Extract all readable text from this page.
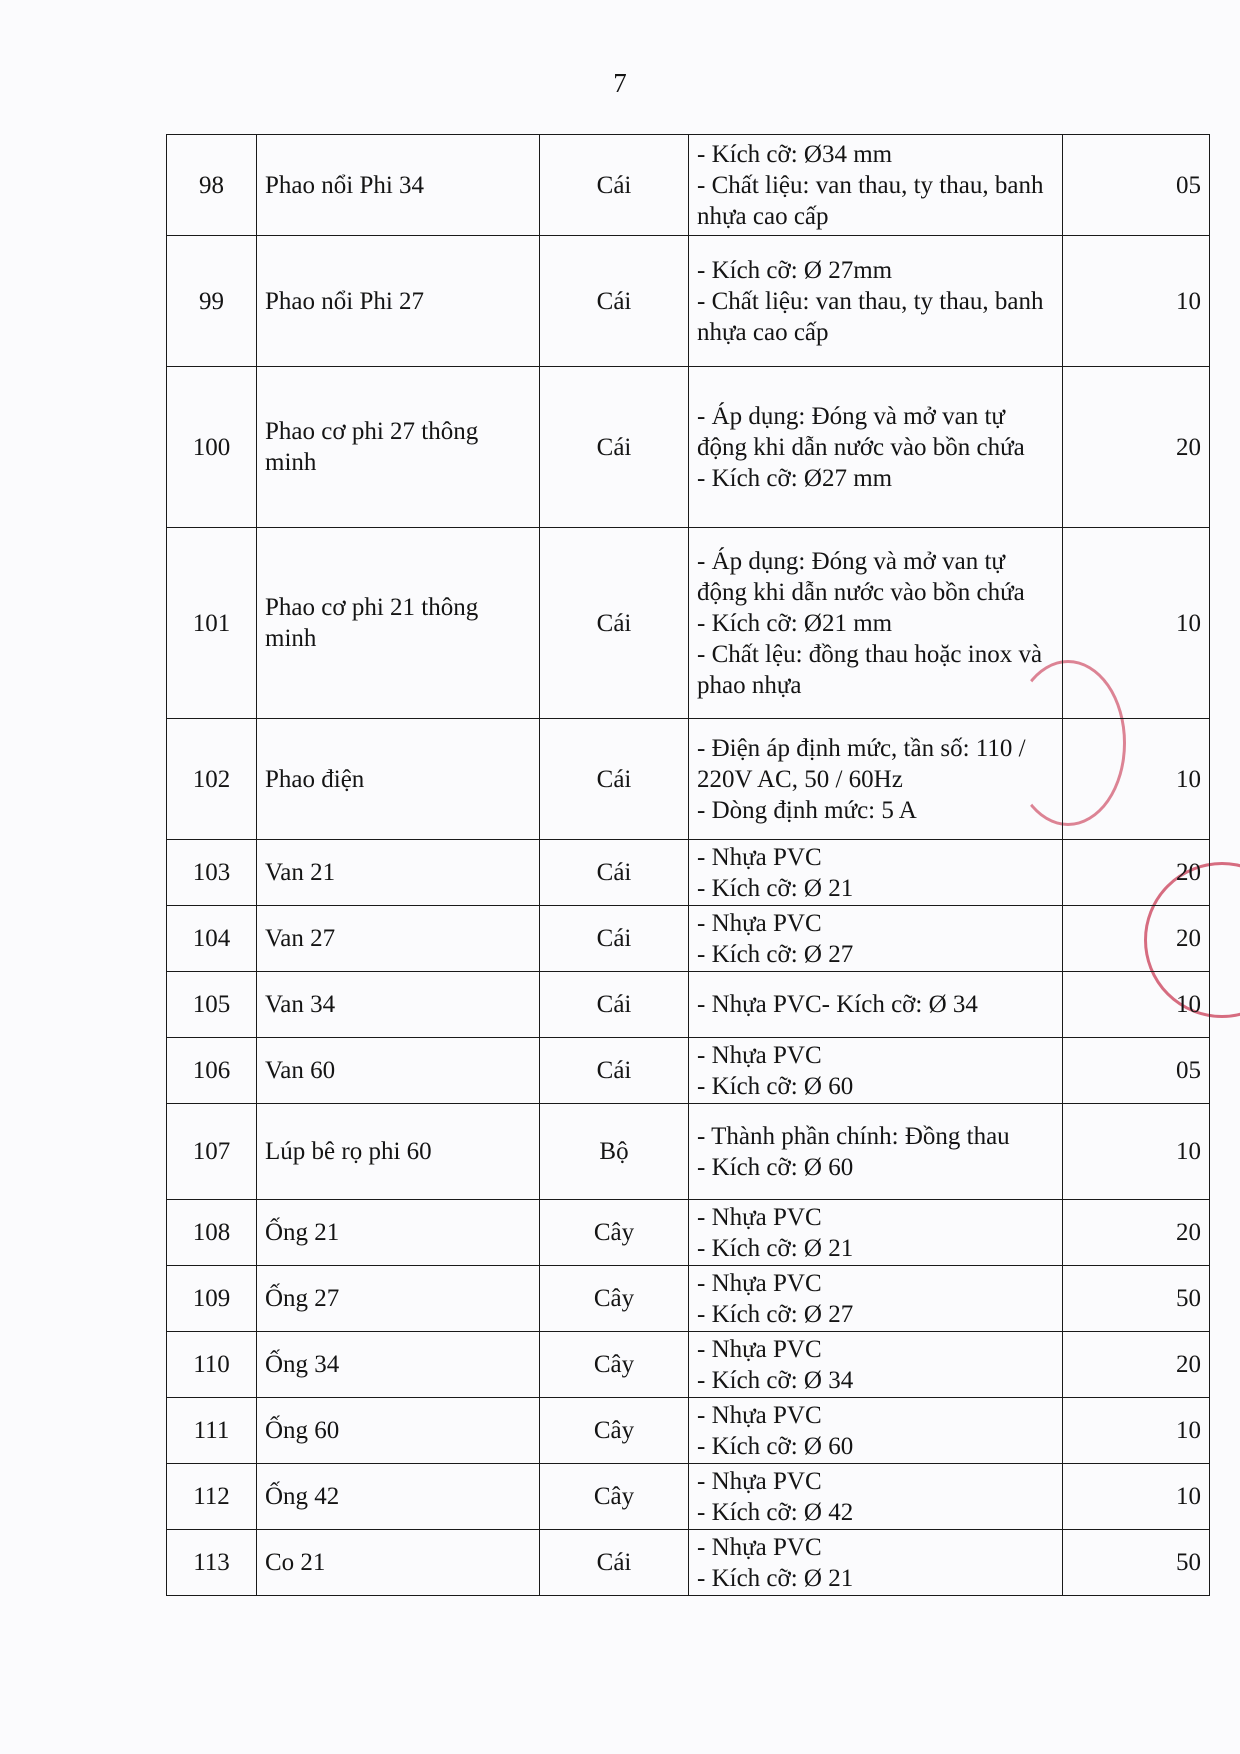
7
98	Phao nổi Phi 34	Cái	- Kích cỡ: Ø34 mm
- Chất liệu: van thau, ty thau, banh nhựa cao cấp	05
99	Phao nổi Phi 27	Cái	- Kích cỡ: Ø 27mm
- Chất liệu: van thau, ty thau, banh nhựa cao cấp	10
100	Phao cơ phi 27 thông minh	Cái	- Áp dụng: Đóng và mở van tự động khi dẫn nước vào bồn chứa
- Kích cỡ: Ø27 mm	20
101	Phao cơ phi 21 thông minh	Cái	- Áp dụng: Đóng và mở van tự động khi dẫn nước vào bồn chứa
- Kích cỡ: Ø21 mm
- Chất lệu: đồng thau hoặc inox và phao nhựa	10
102	Phao điện	Cái	- Điện áp định mức, tần số: 110 / 220V AC, 50 / 60Hz
- Dòng định mức: 5 A	10
103	Van 21	Cái	- Nhựa PVC
- Kích cỡ: Ø 21	20
104	Van 27	Cái	- Nhựa PVC
- Kích cỡ: Ø 27	20
105	Van 34	Cái	- Nhựa PVC- Kích cỡ: Ø 34	10
106	Van 60	Cái	- Nhựa PVC
- Kích cỡ: Ø 60	05
107	Lúp bê rọ phi 60	Bộ	- Thành phần chính: Đồng thau
- Kích cỡ: Ø 60	10
108	Ống 21	Cây	- Nhựa PVC
- Kích cỡ: Ø 21	20
109	Ống 27	Cây	- Nhựa PVC
- Kích cỡ: Ø 27	50
110	Ống 34	Cây	- Nhựa PVC
- Kích cỡ: Ø 34	20
111	Ống 60	Cây	- Nhựa PVC
- Kích cỡ: Ø 60	10
112	Ống 42	Cây	- Nhựa PVC
- Kích cỡ: Ø 42	10
113	Co 21	Cái	- Nhựa PVC
- Kích cỡ: Ø 21	50
